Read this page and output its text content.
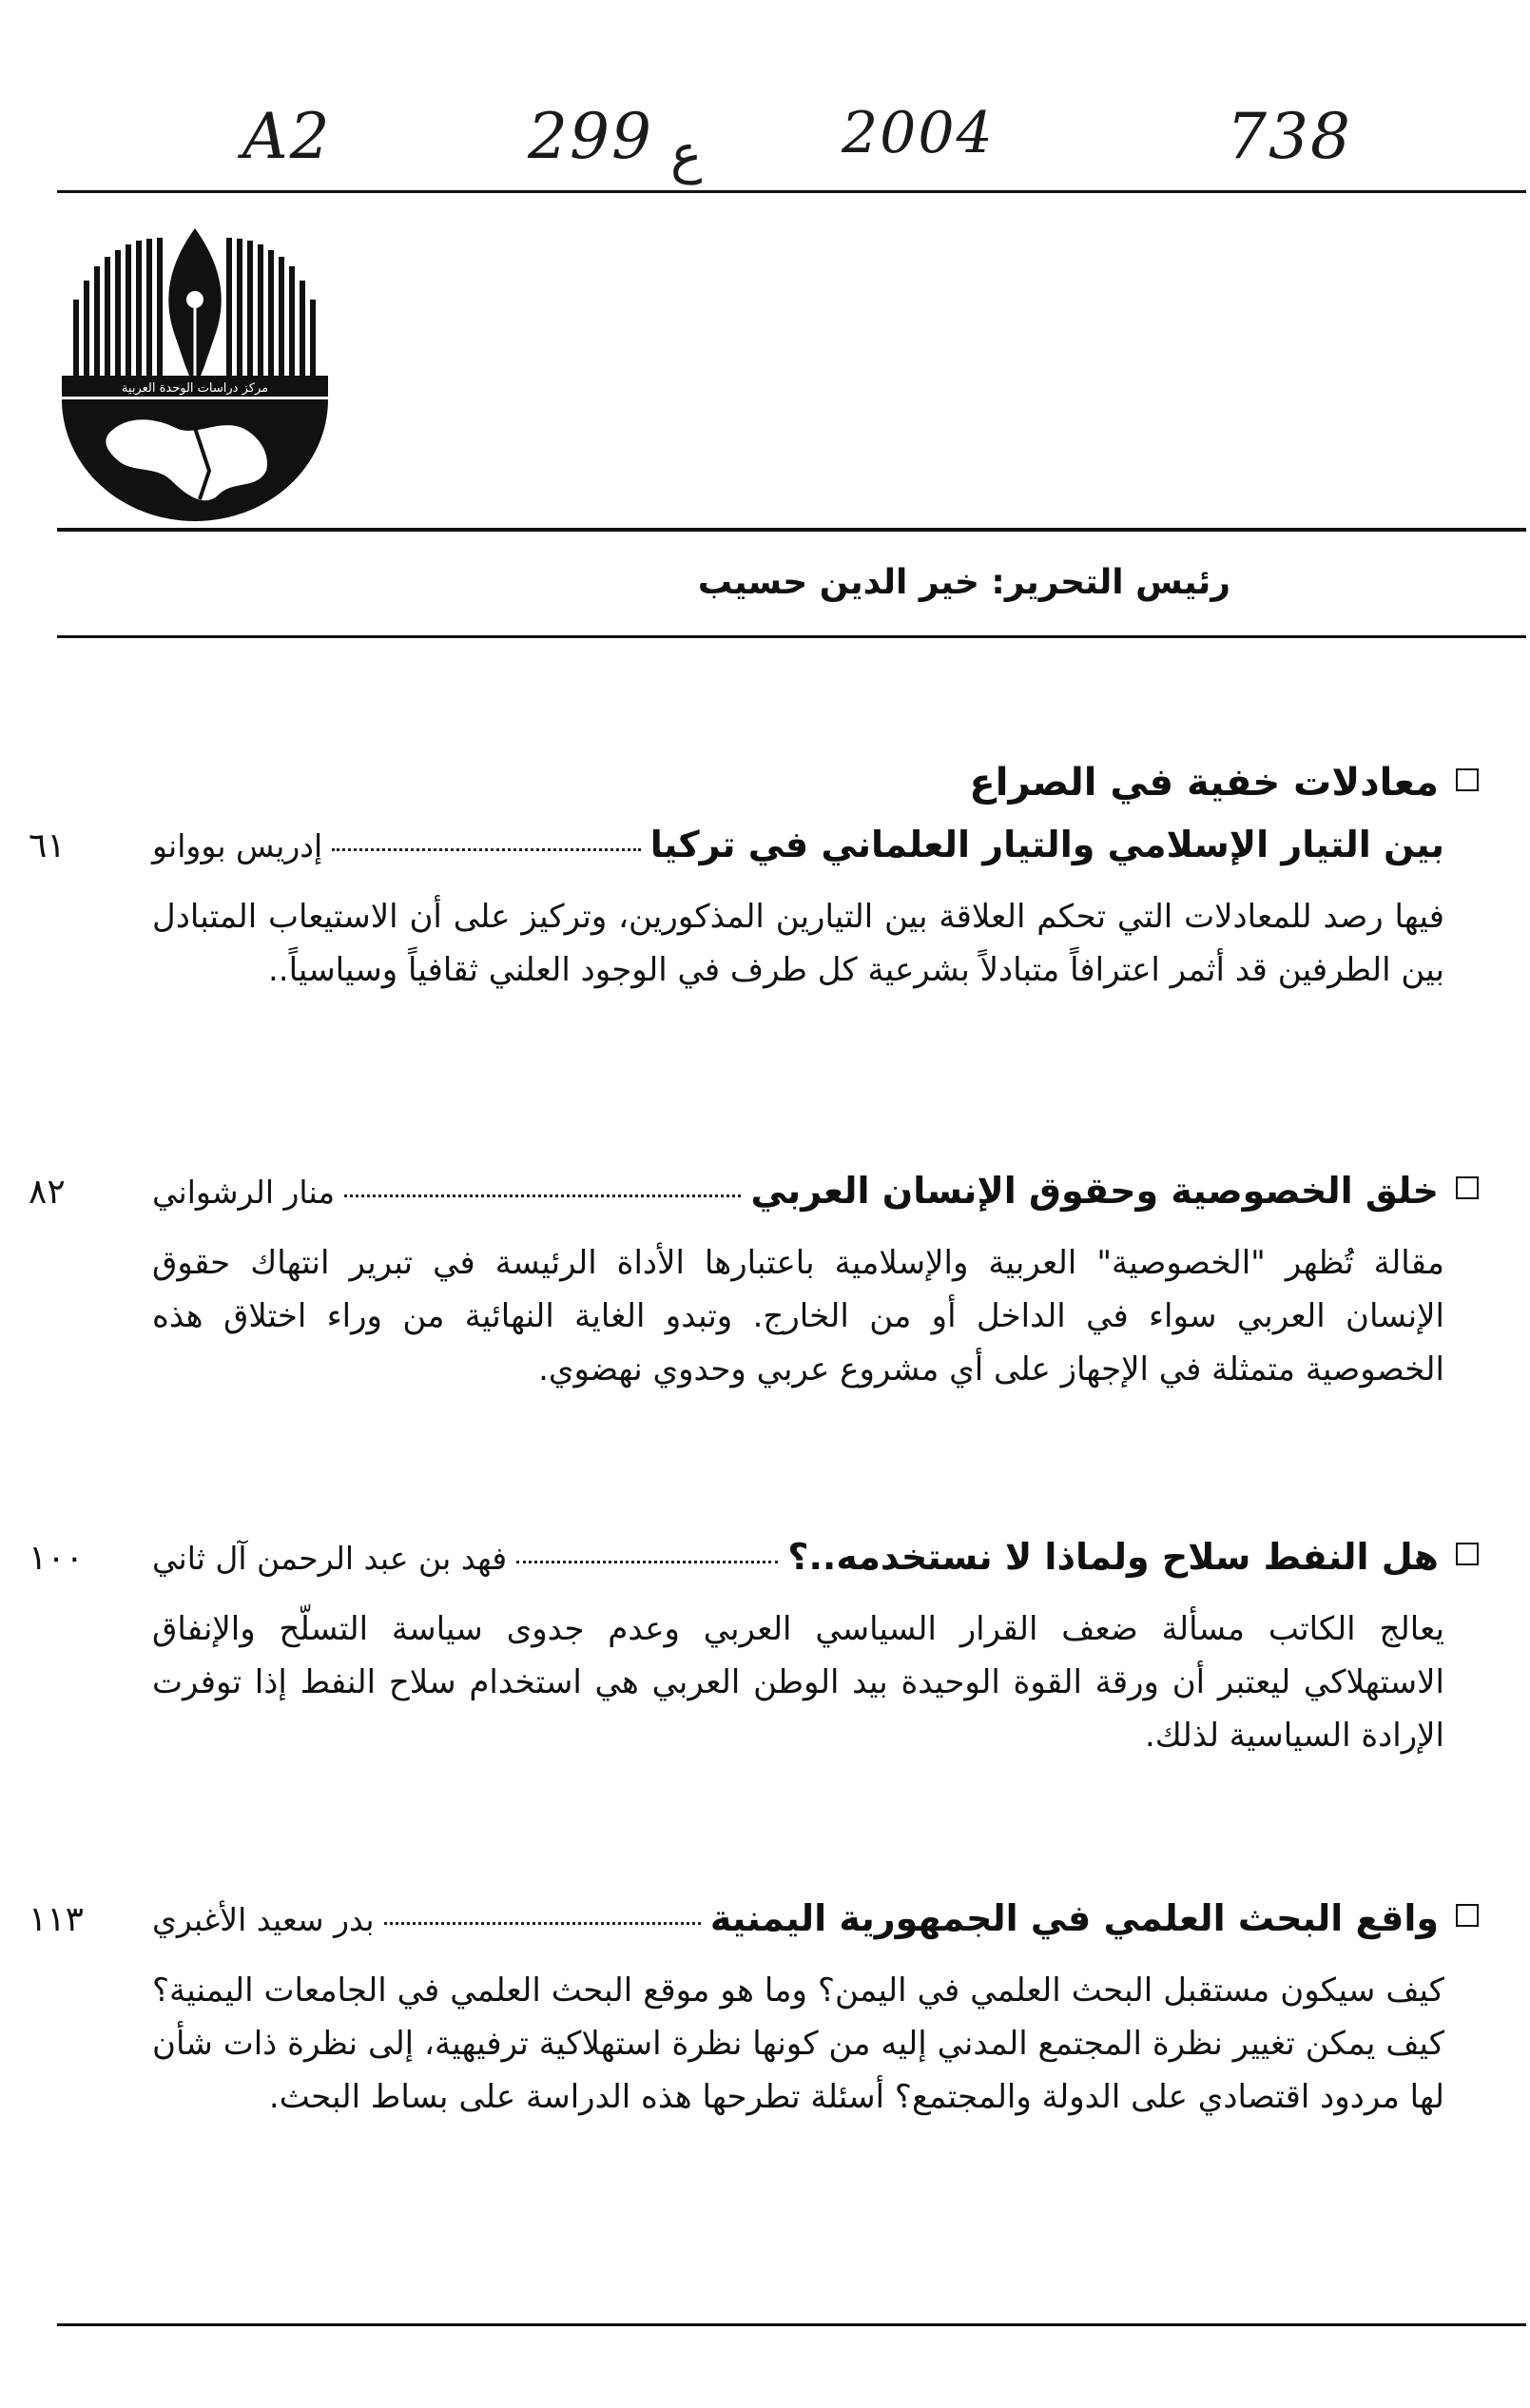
A2	299 ع 2004	738
مركز دراسات الوحدة العربية
رئيس التحرير: خير الدين حسيب
معادلات خفية في الصراع
بين التيار الإسلامي والتيار العلماني في تركيا
إدريس بووانو
٦١
فيها رصد للمعادلات التي تحكم العلاقة بين التيارين المذكورين، وتركيز على أن الاستيعاب المتبادل بين الطرفين قد أثمر اعترافاً متبادلاً بشرعية كل طرف في الوجود العلني ثقافياً وسياسياً..
خلق الخصوصية وحقوق الإنسان العربي
منار الرشواني
٨٢
مقالة تُظهر "الخصوصية" العربية والإسلامية باعتبارها الأداة الرئيسة في تبرير انتهاك حقوق الإنسان العربي سواء في الداخل أو من الخارج. وتبدو الغاية النهائية من وراء اختلاق هذه الخصوصية متمثلة في الإجهاز على أي مشروع عربي وحدوي نهضوي.
هل النفط سلاح ولماذا لا نستخدمه..؟
فهد بن عبد الرحمن آل ثاني
١٠٠
يعالج الكاتب مسألة ضعف القرار السياسي العربي وعدم جدوى سياسة التسلّح والإنفاق الاستهلاكي ليعتبر أن ورقة القوة الوحيدة بيد الوطن العربي هي استخدام سلاح النفط إذا توفرت الإرادة السياسية لذلك.
واقع البحث العلمي في الجمهورية اليمنية
بدر سعيد الأغبري
١١٣
كيف سيكون مستقبل البحث العلمي في اليمن؟ وما هو موقع البحث العلمي في الجامعات اليمنية؟ كيف يمكن تغيير نظرة المجتمع المدني إليه من كونها نظرة استهلاكية ترفيهية، إلى نظرة ذات شأن لها مردود اقتصادي على الدولة والمجتمع؟ أسئلة تطرحها هذه الدراسة على بساط البحث.
